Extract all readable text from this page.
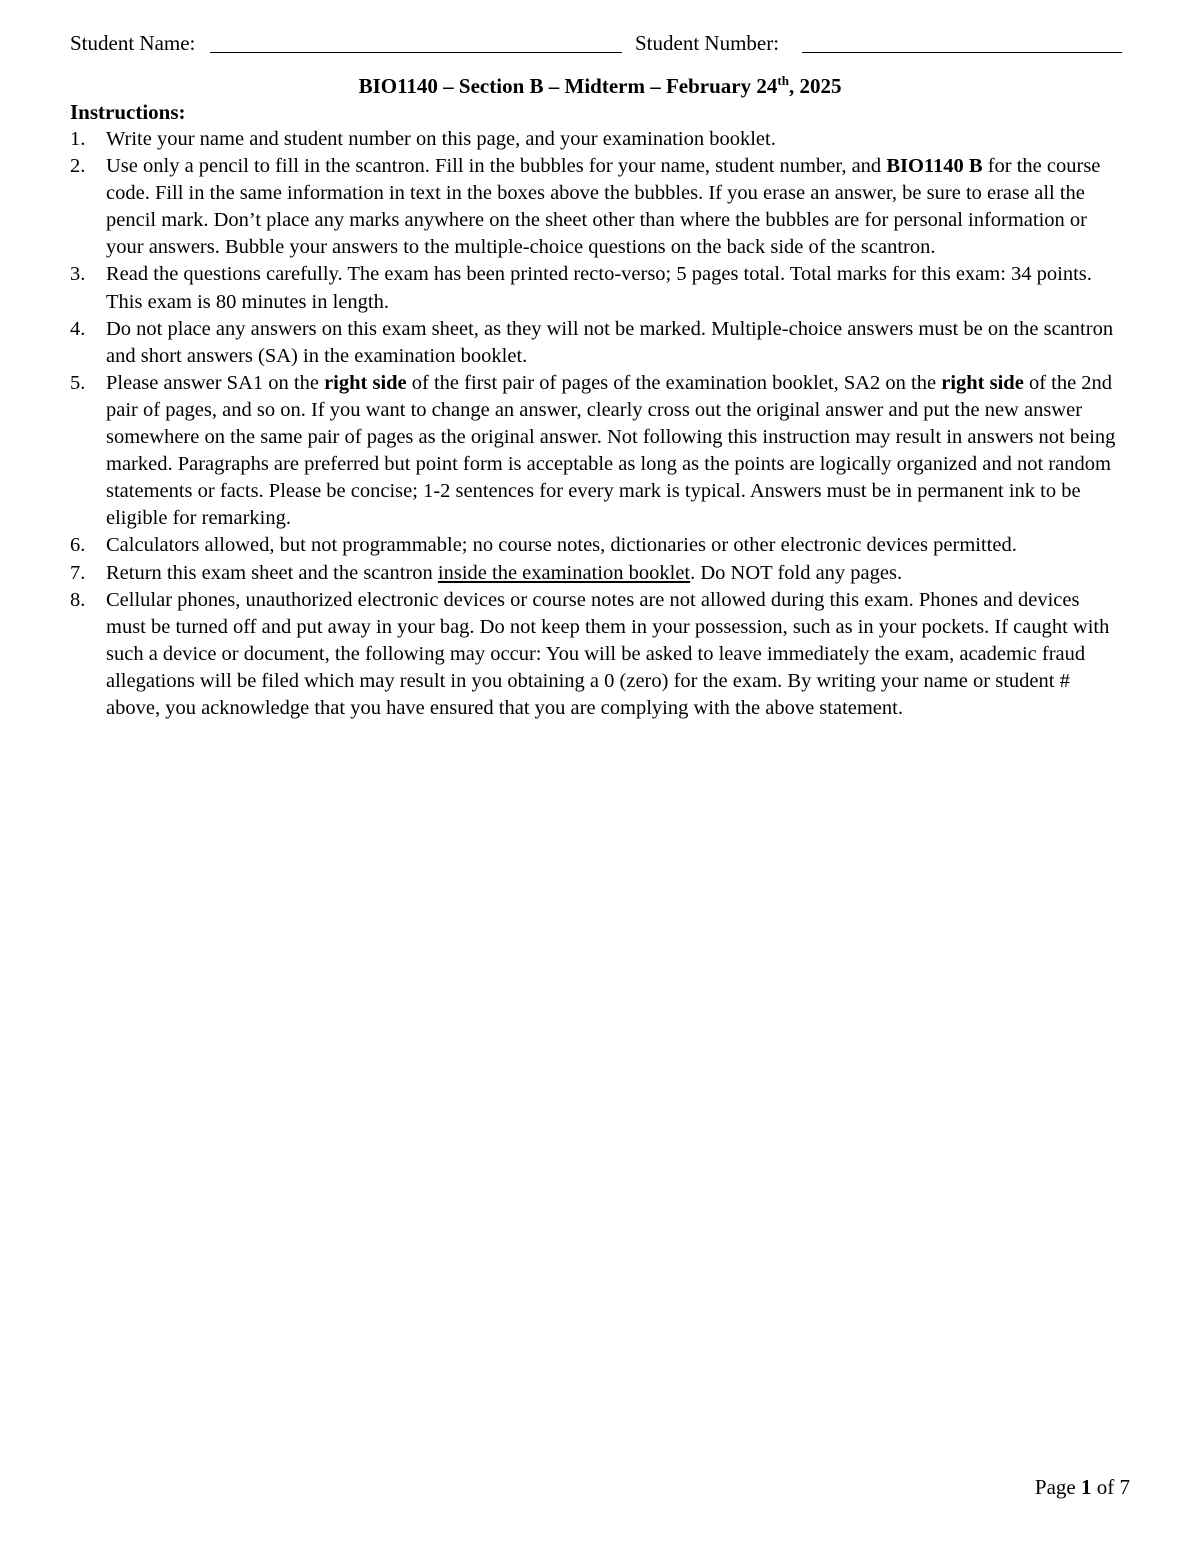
Student Name:	Student Number:
BIO1140 – Section B – Midterm – February 24th, 2025
Instructions:
1.	Write your name and student number on this page, and your examination booklet.
2.	Use only a pencil to fill in the scantron. Fill in the bubbles for your name, student number, and BIO1140 B for the course code. Fill in the same information in text in the boxes above the bubbles. If you erase an answer, be sure to erase all the pencil mark. Don’t place any marks anywhere on the sheet other than where the bubbles are for personal information or your answers. Bubble your answers to the multiple-choice questions on the back side of the scantron.
3.	Read the questions carefully. The exam has been printed recto-verso; 5 pages total. Total marks for this exam: 34 points. This exam is 80 minutes in length.
4.	Do not place any answers on this exam sheet, as they will not be marked. Multiple-choice answers must be on the scantron and short answers (SA) in the examination booklet.
5.	Please answer SA1 on the right side of the first pair of pages of the examination booklet, SA2 on the right side of the 2nd pair of pages, and so on. If you want to change an answer, clearly cross out the original answer and put the new answer somewhere on the same pair of pages as the original answer. Not following this instruction may result in answers not being marked. Paragraphs are preferred but point form is acceptable as long as the points are logically organized and not random statements or facts. Please be concise; 1-2 sentences for every mark is typical. Answers must be in permanent ink to be eligible for remarking.
6.	Calculators allowed, but not programmable; no course notes, dictionaries or other electronic devices permitted.
7.	Return this exam sheet and the scantron inside the examination booklet. Do NOT fold any pages.
8.	Cellular phones, unauthorized electronic devices or course notes are not allowed during this exam. Phones and devices must be turned off and put away in your bag. Do not keep them in your possession, such as in your pockets. If caught with such a device or document, the following may occur: You will be asked to leave immediately the exam, academic fraud allegations will be filed which may result in you obtaining a 0 (zero) for the exam. By writing your name or student # above, you acknowledge that you have ensured that you are complying with the above statement.
Page 1 of 7
